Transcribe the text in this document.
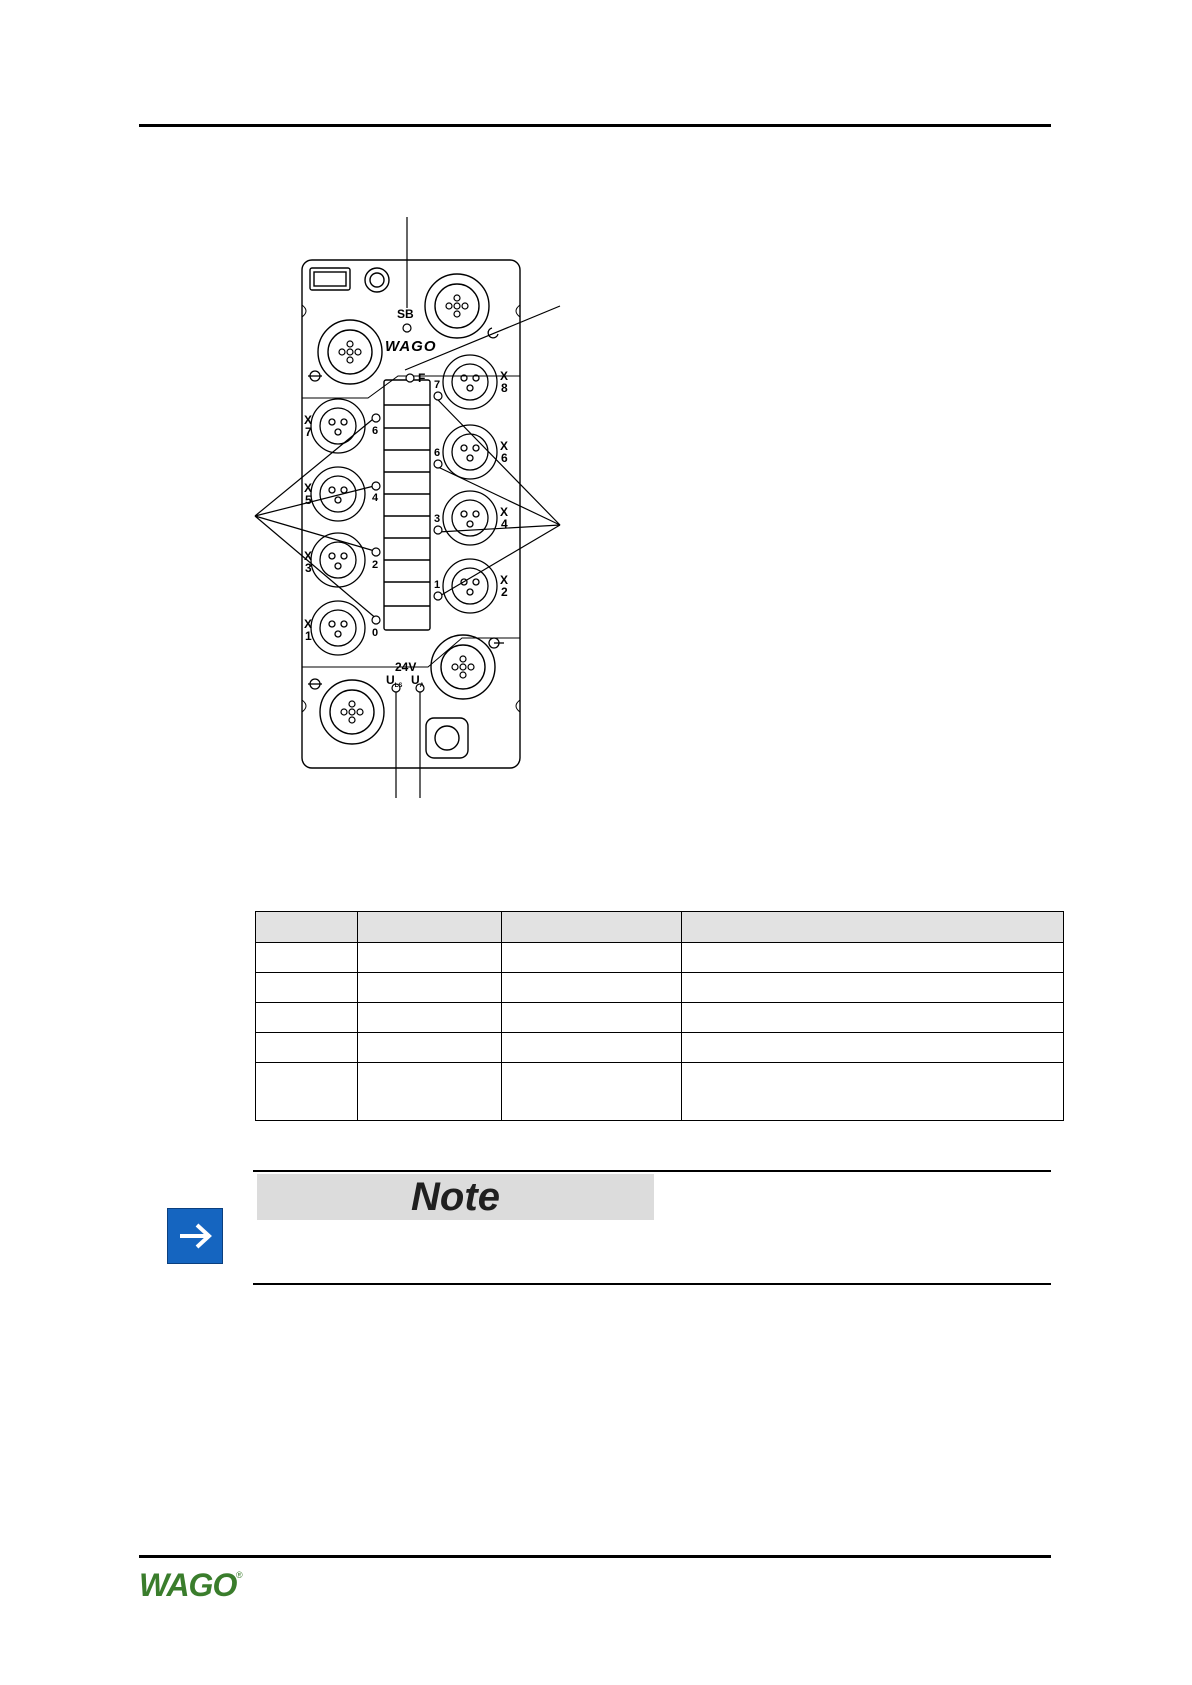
WAGO
SB
F 7
6
3
1
6
4
2
0
24V
$U_{LS}$ $U_A$
X 7
X 5
X 3
X 1
X 8
X 6
X 4
X 2

Note
WAGO ®
